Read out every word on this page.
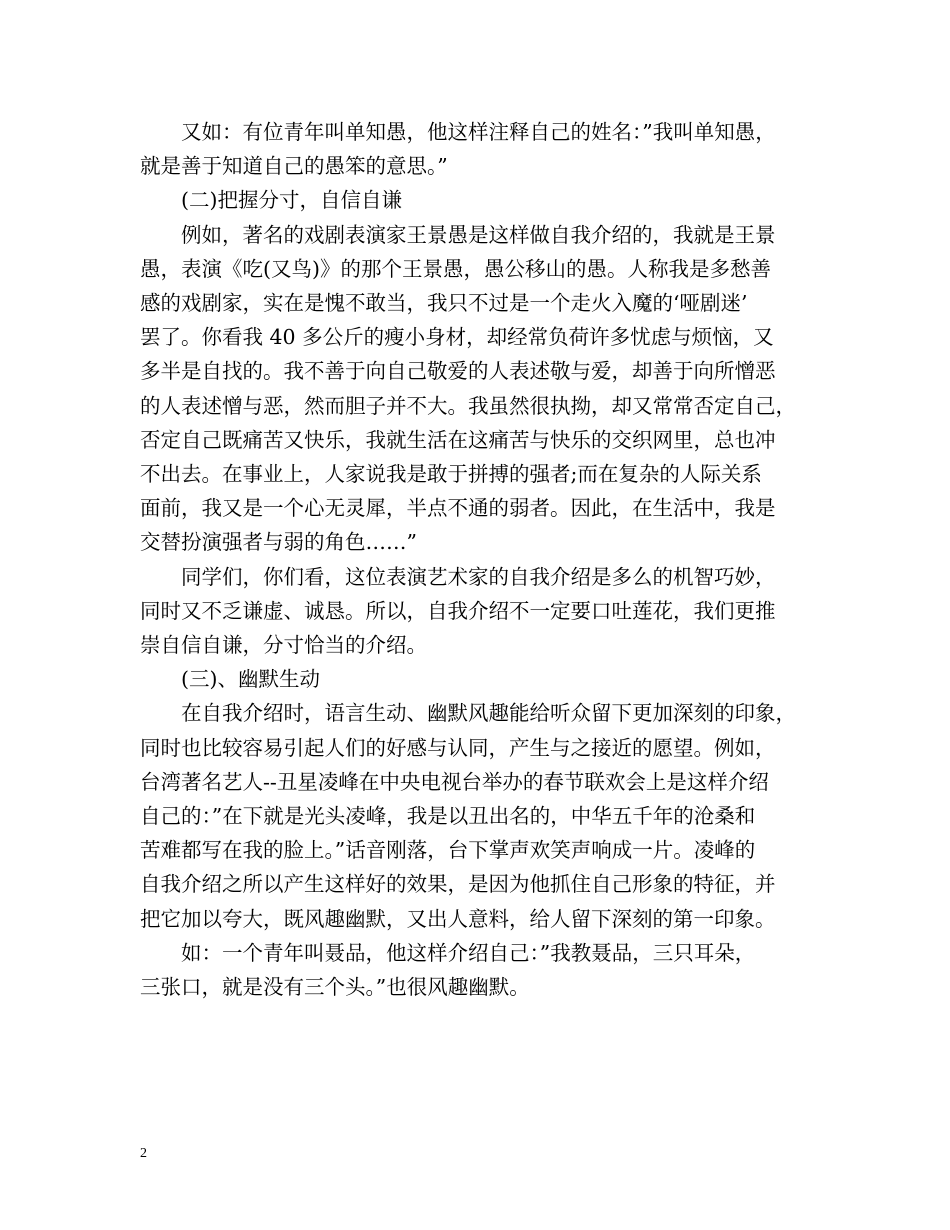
又如：有位青年叫单知愚，他这样注释自己的姓名：”我叫单知愚，
就是善于知道自己的愚笨的意思。”

(二)把握分寸，自信自谦

例如，著名的戏剧表演家王景愚是这样做自我介绍的，我就是王景
愚，表演《吃(又鸟)》的那个王景愚，愚公移山的愚。人称我是多愁善
感的戏剧家，实在是愧不敢当，我只不过是一个走火入魔的‘哑剧迷’
罢了。你看我 40 多公斤的瘦小身材，却经常负荷许多忧虑与烦恼，又
多半是自找的。我不善于向自己敬爱的人表述敬与爱，却善于向所憎恶
的人表述憎与恶，然而胆子并不大。我虽然很执拗，却又常常否定自己，
否定自己既痛苦又快乐，我就生活在这痛苦与快乐的交织网里，总也冲
不出去。在事业上，人家说我是敢于拼搏的强者;而在复杂的人际关系
面前，我又是一个心无灵犀，半点不通的弱者。因此，在生活中，我是
交替扮演强者与弱的角色……”

同学们，你们看，这位表演艺术家的自我介绍是多么的机智巧妙，
同时又不乏谦虚、诚恳。所以，自我介绍不一定要口吐莲花，我们更推
崇自信自谦，分寸恰当的介绍。

(三)、幽默生动

在自我介绍时，语言生动、幽默风趣能给听众留下更加深刻的印象，
同时也比较容易引起人们的好感与认同，产生与之接近的愿望。例如，
台湾著名艺人--丑星凌峰在中央电视台举办的春节联欢会上是这样介绍
自己的：”在下就是光头凌峰，我是以丑出名的，中华五千年的沧桑和
苦难都写在我的脸上。”话音刚落，台下掌声欢笑声响成一片。凌峰的
自我介绍之所以产生这样好的效果，是因为他抓住自己形象的特征，并
把它加以夸大，既风趣幽默，又出人意料，给人留下深刻的第一印象。

如：一个青年叫聂品，他这样介绍自己：”我教聂品，三只耳朵，
三张口，就是没有三个头。”也很风趣幽默。

2
